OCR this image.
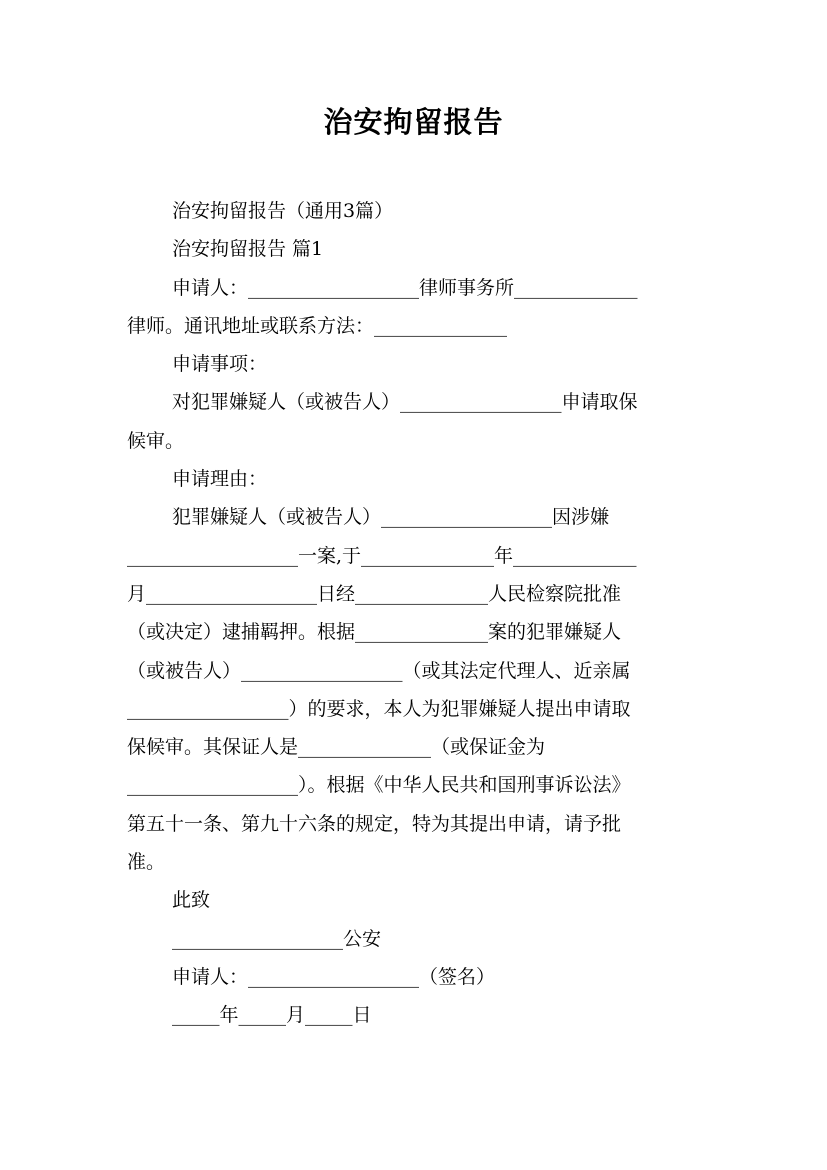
治安拘留报告
治安拘留报告（通用3篇）
治安拘留报告 篇1
申请人：__________________律师事务所_____________
律师。通讯地址或联系方法：______________
申请事项：
对犯罪嫌疑人（或被告人）_________________申请取保
候审。
申请理由：
犯罪嫌疑人（或被告人）__________________因涉嫌
__________________一案,于______________年_____________
月__________________日经______________人民检察院批准
（或决定）逮捕羁押。根据______________案的犯罪嫌疑人
（或被告人）_________________（或其法定代理人、近亲属
_________________）的要求，本人为犯罪嫌疑人提出申请取
保候审。其保证人是______________（或保证金为
__________________）。根据《中华人民共和国刑事诉讼法》
第五十一条、第九十六条的规定，特为其提出申请，请予批
准。
此致
__________________公安
申请人：__________________（签名）
_____年_____月_____日
